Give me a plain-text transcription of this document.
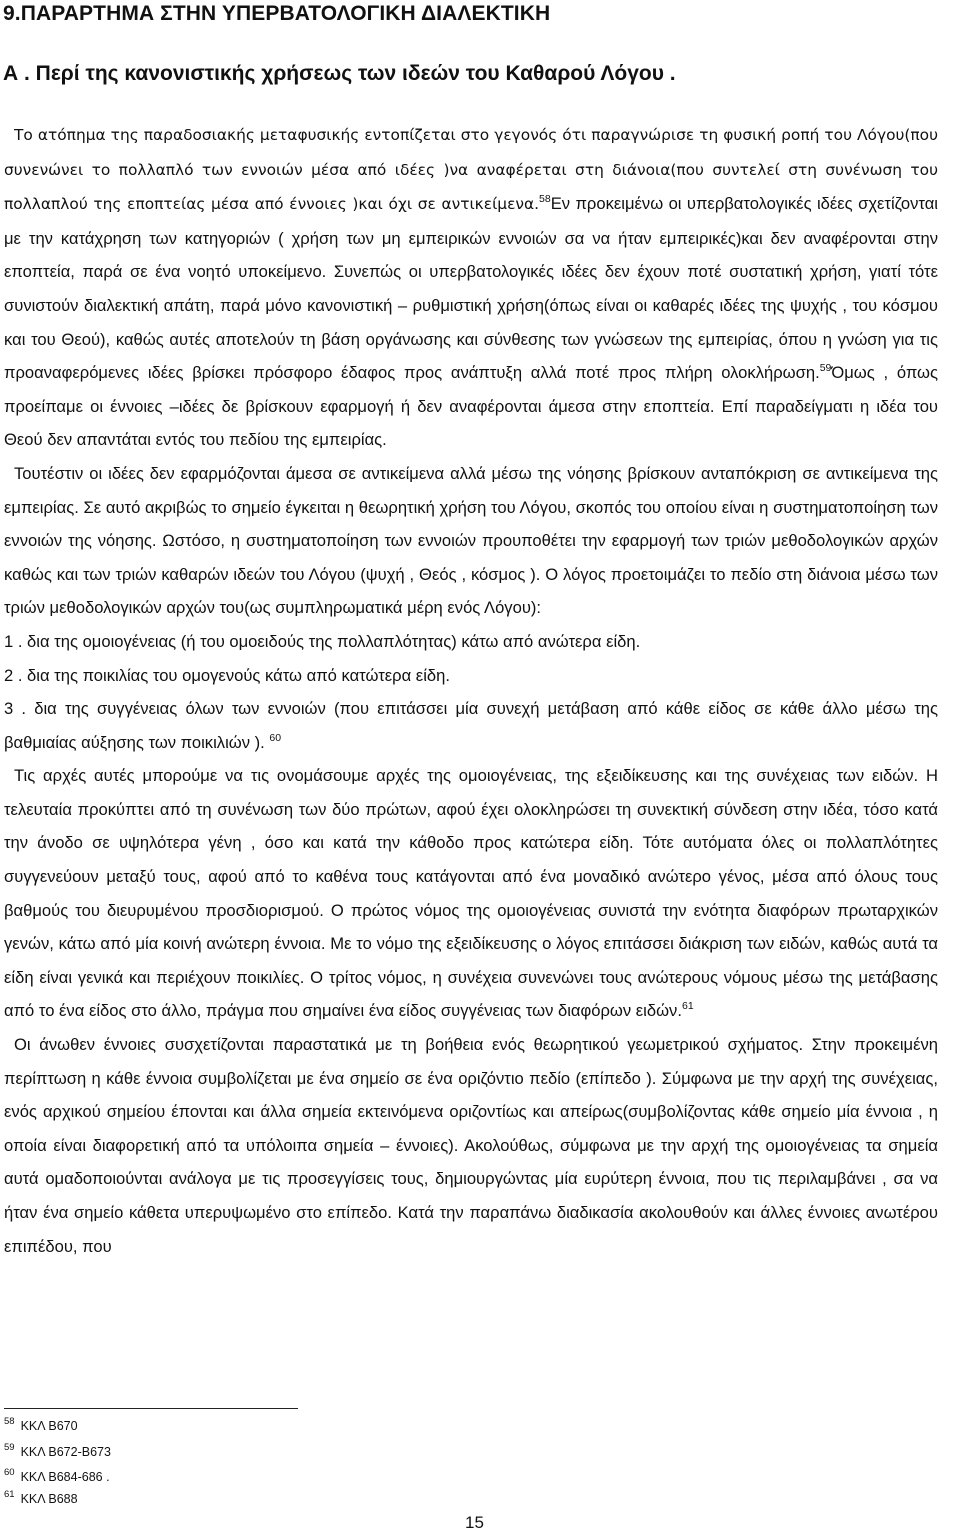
9.ΠΑΡΑΡΤΗΜΑ ΣΤΗΝ ΥΠΕΡΒΑΤΟΛΟΓΙΚΗ ΔΙΑΛΕΚΤΙΚΗ
Α . Περί της κανονιστικής χρήσεως των ιδεών του Καθαρού Λόγου .

Το ατόπημα της παραδοσιακής μεταφυσικής εντοπίζεται στο γεγονός ότι παραγνώρισε τη φυσική ροπή του Λόγου(που συνενώνει το πολλαπλό των εννοιών μέσα από ιδέες )να αναφέρεται στη διάνοια(που συντελεί στη συνένωση του πολλαπλού της εποπτείας μέσα από έννοιες )και όχι σε αντικείμενα.$^{58}$Εν προκειμένω οι υπερβατολογικές ιδέες σχετίζονται με την κατάχρηση των κατηγοριών ( χρήση των μη εμπειρικών εννοιών σα να ήταν εμπειρικές)και δεν αναφέρονται στην εποπτεία, παρά σε ένα νοητό υποκείμενο. Συνεπώς οι υπερβατολογικές ιδέες δεν έχουν ποτέ συστατική χρήση, γιατί τότε συνιστούν διαλεκτική απάτη, παρά μόνο κανονιστική – ρυθμιστική χρήση(όπως είναι οι καθαρές ιδέες της ψυχής , του κόσμου και του Θεού), καθώς αυτές αποτελούν τη βάση οργάνωσης και σύνθεσης των γνώσεων της εμπειρίας, όπου η γνώση για τις προαναφερόμενες ιδέες βρίσκει πρόσφορο έδαφος προς ανάπτυξη αλλά ποτέ προς πλήρη ολοκλήρωση.$^{59}$Όμως , όπως προείπαμε οι έννοιες –ιδέες δε βρίσκουν εφαρμογή ή δεν αναφέρονται άμεσα στην εποπτεία. Επί παραδείγματι η ιδέα του Θεού δεν απαντάται εντός του πεδίου της εμπειρίας.

Τουτέστιν οι ιδέες δεν εφαρμόζονται άμεσα σε αντικείμενα αλλά μέσω της νόησης βρίσκουν ανταπόκριση σε αντικείμενα της εμπειρίας. Σε αυτό ακριβώς το σημείο έγκειται η θεωρητική χρήση του Λόγου, σκοπός του οποίου είναι η συστηματοποίηση των εννοιών της νόησης. Ωστόσο, η συστηματοποίηση των εννοιών προυποθέτει την εφαρμογή των τριών μεθοδολογικών αρχών καθώς και των τριών καθαρών ιδεών του Λόγου (ψυχή , Θεός , κόσμος ). Ο λόγος προετοιμάζει το πεδίο στη διάνοια μέσω των τριών μεθοδολογικών αρχών του(ως συμπληρωματικά μέρη ενός Λόγου):

1 . δια της ομοιογένειας (ή του ομοειδούς της πολλαπλότητας) κάτω από ανώτερα είδη.

2 . δια της ποικιλίας του ομογενούς κάτω από κατώτερα είδη.

3 . δια της συγγένειας όλων των εννοιών (που επιτάσσει μία συνεχή μετάβαση από κάθε είδος σε κάθε άλλο μέσω της βαθμιαίας αύξησης των ποικιλιών ). $^{60}$

Τις αρχές αυτές μπορούμε να τις ονομάσουμε αρχές της ομοιογένειας, της εξειδίκευσης και της συνέχειας των ειδών. Η τελευταία προκύπτει από τη συνένωση των δύο πρώτων, αφού έχει ολοκληρώσει τη συνεκτική σύνδεση στην ιδέα, τόσο κατά την άνοδο σε υψηλότερα γένη , όσο και κατά την κάθοδο προς κατώτερα είδη. Τότε αυτόματα όλες οι πολλαπλότητες συγγενεύουν μεταξύ τους, αφού από το καθένα τους κατάγονται από ένα μοναδικό ανώτερο γένος, μέσα από όλους τους βαθμούς του διευρυμένου προσδιορισμού. Ο πρώτος νόμος της ομοιογένειας συνιστά την ενότητα διαφόρων πρωταρχικών γενών, κάτω από μία κοινή ανώτερη έννοια. Με το νόμο της εξειδίκευσης ο λόγος επιτάσσει διάκριση των ειδών, καθώς αυτά τα είδη είναι γενικά και περιέχουν ποικιλίες. Ο τρίτος νόμος, η συνέχεια συνενώνει τους ανώτερους νόμους μέσω της μετάβασης από το ένα είδος στο άλλο, πράγμα που σημαίνει ένα είδος συγγένειας των διαφόρων ειδών.$^{61}$

Οι άνωθεν έννοιες συσχετίζονται παραστατικά με τη βοήθεια ενός θεωρητικού γεωμετρικού σχήματος. Στην προκειμένη περίπτωση η κάθε έννοια συμβολίζεται με ένα σημείο σε ένα οριζόντιο πεδίο (επίπεδο ). Σύμφωνα με την αρχή της συνέχειας, ενός αρχικού σημείου έπονται και άλλα σημεία εκτεινόμενα οριζοντίως και απείρως(συμβολίζοντας κάθε σημείο μία έννοια , η οποία είναι διαφορετική από τα υπόλοιπα σημεία – έννοιες). Ακολούθως, σύμφωνα με την αρχή της ομοιογένειας τα σημεία αυτά ομαδοποιούνται ανάλογα με τις προσεγγίσεις τους, δημιουργώντας μία ευρύτερη έννοια, που τις περιλαμβάνει , σα να ήταν ένα σημείο κάθετα υπερυψωμένο στο επίπεδο. Κατά την παραπάνω διαδικασία ακολουθούν και άλλες έννοιες ανωτέρου επιπέδου, που

$^{58}$ ΚΚΛ Β670
$^{59}$ ΚΚΛ Β672-Β673
$^{60}$ ΚΚΛ Β684-686 .
$^{61}$ ΚΚΛ Β688
15
